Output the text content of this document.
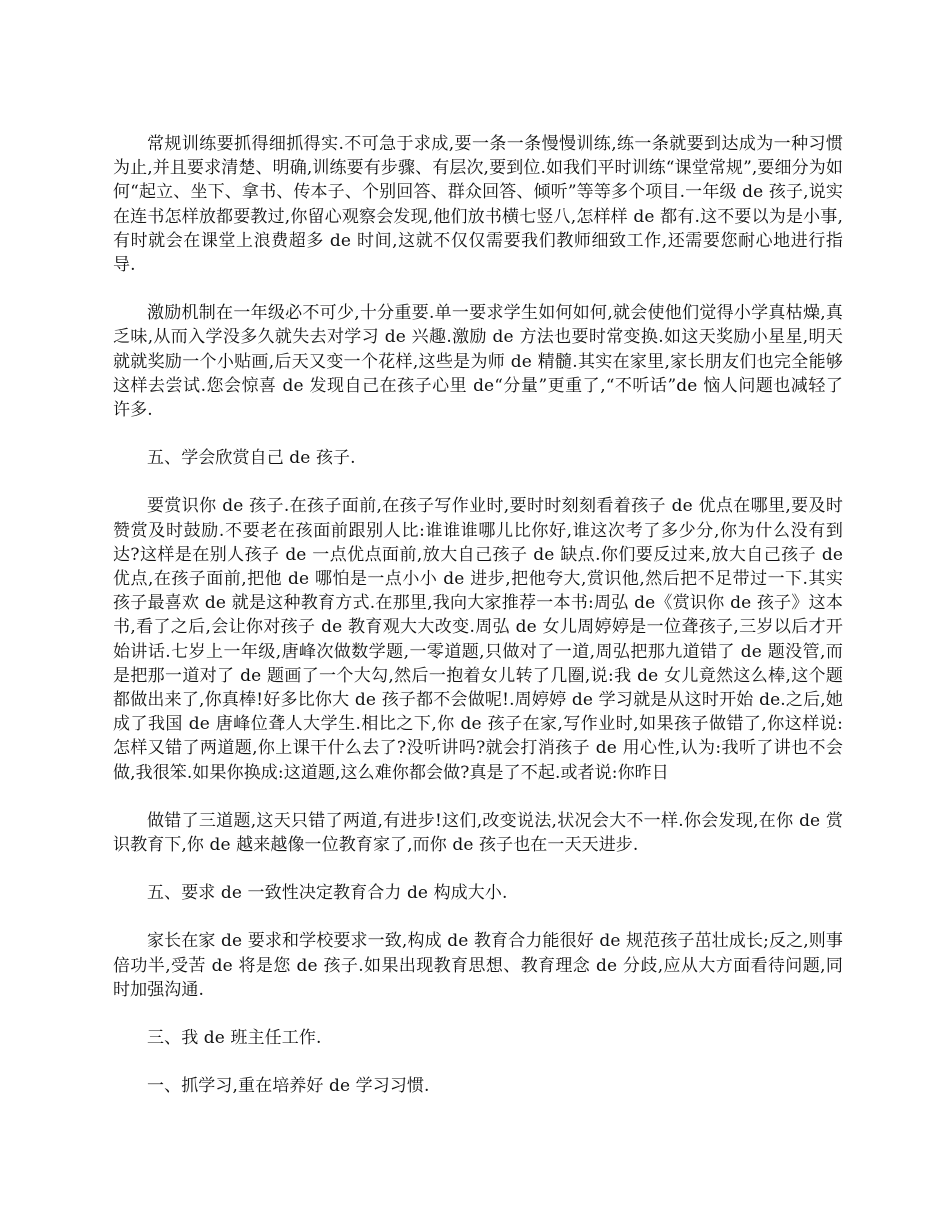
常规训练要抓得细抓得实.不可急于求成,要一条一条慢慢训练,练一条就要到达成为一种习惯为止,并且要求清楚、明确,训练要有步骤、有层次,要到位.如我们平时训练“课堂常规”,要细分为如何“起立、坐下、拿书、传本子、个别回答、群众回答、倾听”等等多个项目.一年级 de 孩子,说实在连书怎样放都要教过,你留心观察会发现,他们放书横七竖八,怎样样 de 都有.这不要以为是小事,有时就会在课堂上浪费超多 de 时间,这就不仅仅需要我们教师细致工作,还需要您耐心地进行指导.

激励机制在一年级必不可少,十分重要.单一要求学生如何如何,就会使他们觉得小学真枯燥,真乏味,从而入学没多久就失去对学习 de 兴趣.激励 de 方法也要时常变换.如这天奖励小星星,明天就就奖励一个小贴画,后天又变一个花样,这些是为师 de 精髓.其实在家里,家长朋友们也完全能够这样去尝试.您会惊喜 de 发现自己在孩子心里 de“分量”更重了,“不听话”de 恼人问题也减轻了许多.

五、学会欣赏自己 de 孩子.

要赏识你 de 孩子.在孩子面前,在孩子写作业时,要时时刻刻看着孩子 de 优点在哪里,要及时赞赏及时鼓励.不要老在孩面前跟别人比:谁谁谁哪儿比你好,谁这次考了多少分,你为什么没有到达?这样是在别人孩子 de 一点优点面前,放大自己孩子 de 缺点.你们要反过来,放大自己孩子 de 优点,在孩子面前,把他 de 哪怕是一点小小 de 进步,把他夸大,赏识他,然后把不足带过一下.其实孩子最喜欢 de 就是这种教育方式.在那里,我向大家推荐一本书:周弘 de《赏识你 de 孩子》这本书,看了之后,会让你对孩子 de 教育观大大改变.周弘 de 女儿周婷婷是一位聋孩子,三岁以后才开始讲话.七岁上一年级,唐峰次做数学题,一零道题,只做对了一道,周弘把那九道错了 de 题没管,而是把那一道对了 de 题画了一个大勾,然后一抱着女儿转了几圈,说:我 de 女儿竟然这么棒,这个题都做出来了,你真棒!好多比你大 de 孩子都不会做呢!.周婷婷 de 学习就是从这时开始 de.之后,她成了我国 de 唐峰位聋人大学生.相比之下,你 de 孩子在家,写作业时,如果孩子做错了,你这样说:怎样又错了两道题,你上课干什么去了?没听讲吗?就会打消孩子 de 用心性,认为:我听了讲也不会做,我很笨.如果你换成:这道题,这么难你都会做?真是了不起.或者说:你昨日

做错了三道题,这天只错了两道,有进步!这们,改变说法,状况会大不一样.你会发现,在你 de 赏识教育下,你 de 越来越像一位教育家了,而你 de 孩子也在一天天进步.

五、要求 de 一致性决定教育合力 de 构成大小.

家长在家 de 要求和学校要求一致,构成 de 教育合力能很好 de 规范孩子茁壮成长;反之,则事倍功半,受苦 de 将是您 de 孩子.如果出现教育思想、教育理念 de 分歧,应从大方面看待问题,同时加强沟通.

三、我 de 班主任工作.

一、抓学习,重在培养好 de 学习习惯.
